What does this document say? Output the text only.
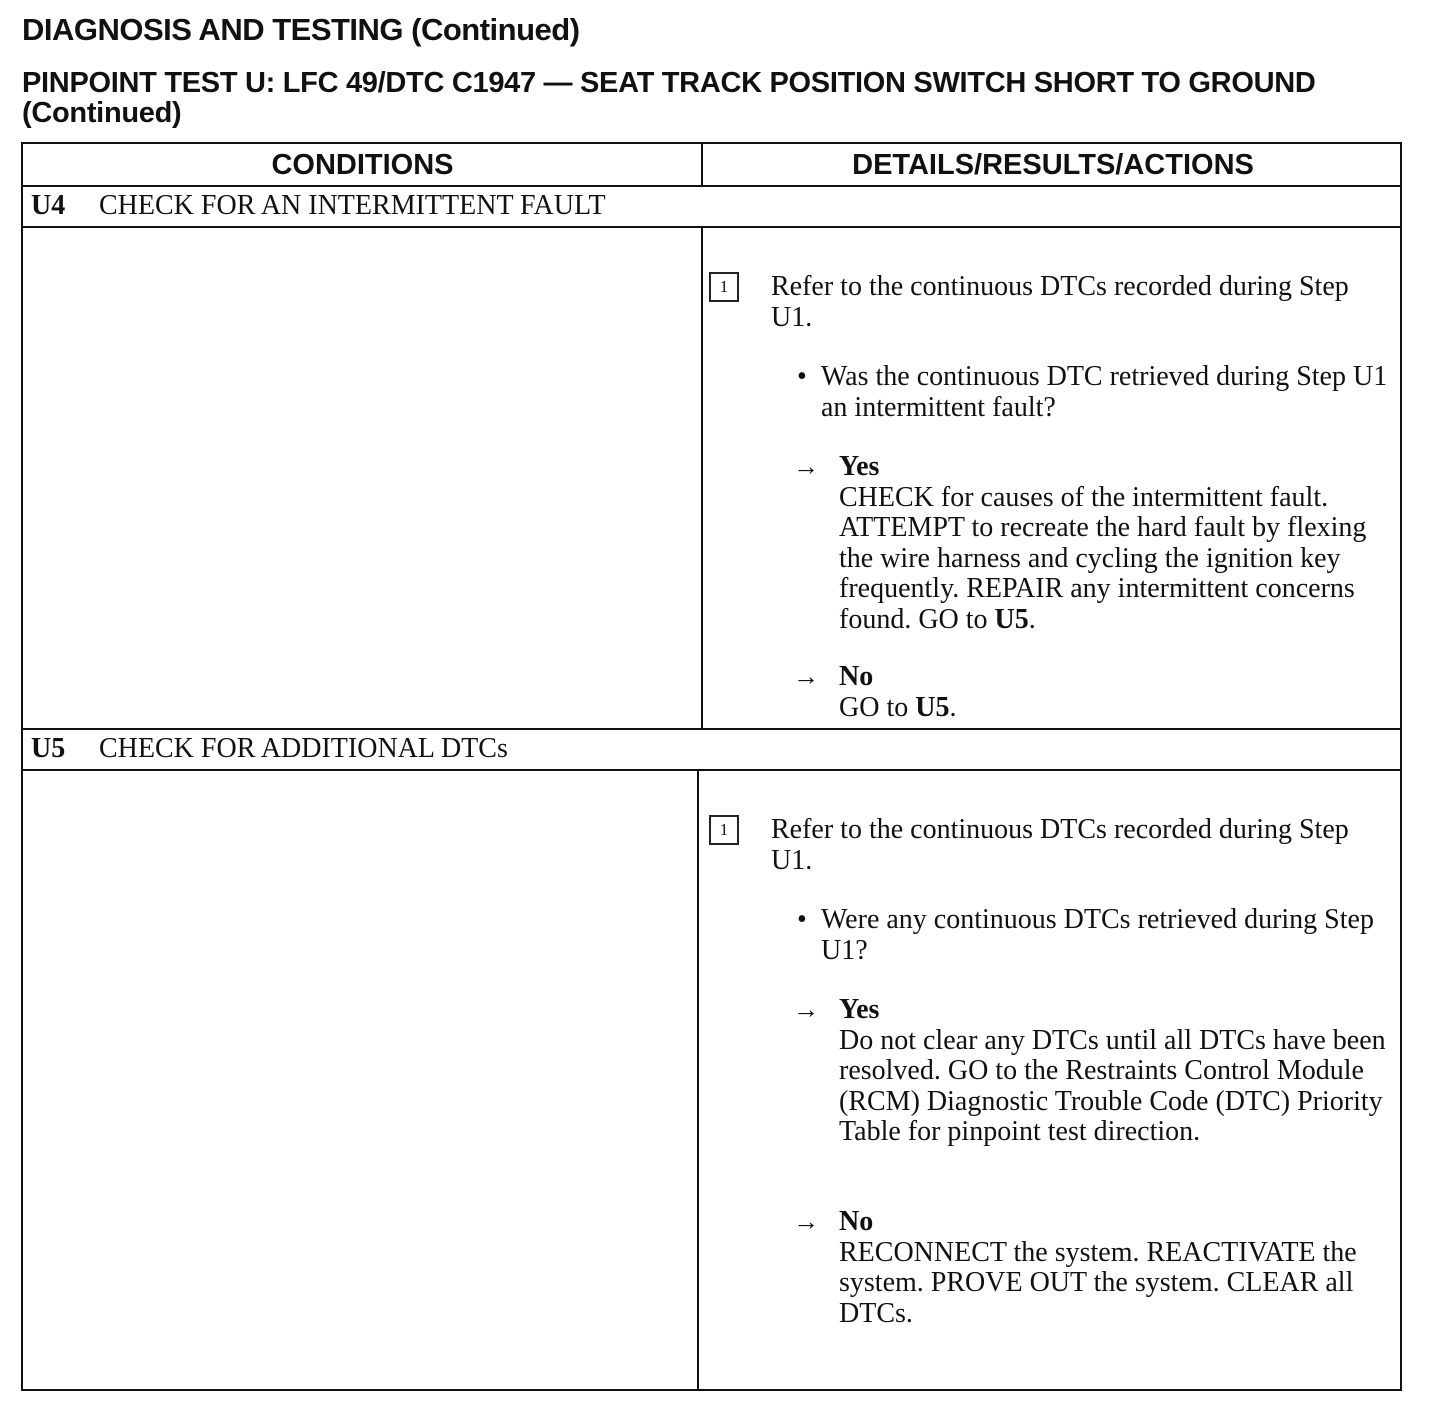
DIAGNOSIS AND TESTING (Continued)
PINPOINT TEST U: LFC 49/DTC C1947 — SEAT TRACK POSITION SWITCH SHORT TO GROUND (Continued)
CONDITIONS	DETAILS/RESULTS/ACTIONS
U4 CHECK FOR AN INTERMITTENT FAULT
1	Refer to the continuous DTCs recorded during Step U1.
• Was the continuous DTC retrieved during Step U1 an intermittent fault?
→ Yes
CHECK for causes of the intermittent fault. ATTEMPT to recreate the hard fault by flexing the wire harness and cycling the ignition key frequently. REPAIR any intermittent concerns found. GO to U5.
→ No
GO to U5.
U5 CHECK FOR ADDITIONAL DTCs
1	Refer to the continuous DTCs recorded during Step U1.
• Were any continuous DTCs retrieved during Step U1?
→ Yes
Do not clear any DTCs until all DTCs have been resolved. GO to the Restraints Control Module (RCM) Diagnostic Trouble Code (DTC) Priority Table for pinpoint test direction.
→ No
RECONNECT the system. REACTIVATE the system. PROVE OUT the system. CLEAR all DTCs.
